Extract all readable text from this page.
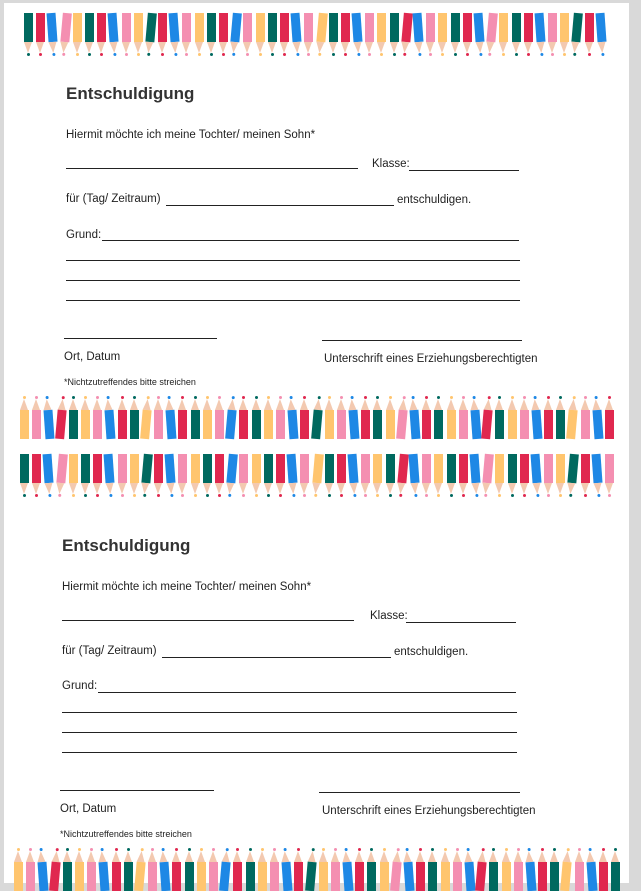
Entschuldigung
Hiermit möchte ich meine Tochter/ meinen Sohn*
Klasse:
für (Tag/ Zeitraum)	entschuldigen.
Grund:
Ort, Datum	Unterschrift eines Erziehungsberechtigten
*Nichtzutreffendes bitte streichen
Entschuldigung
Hiermit möchte ich meine Tochter/ meinen Sohn*
Klasse:
für (Tag/ Zeitraum)	entschuldigen.
Grund:
Ort, Datum	Unterschrift eines Erziehungsberechtigten
*Nichtzutreffendes bitte streichen
